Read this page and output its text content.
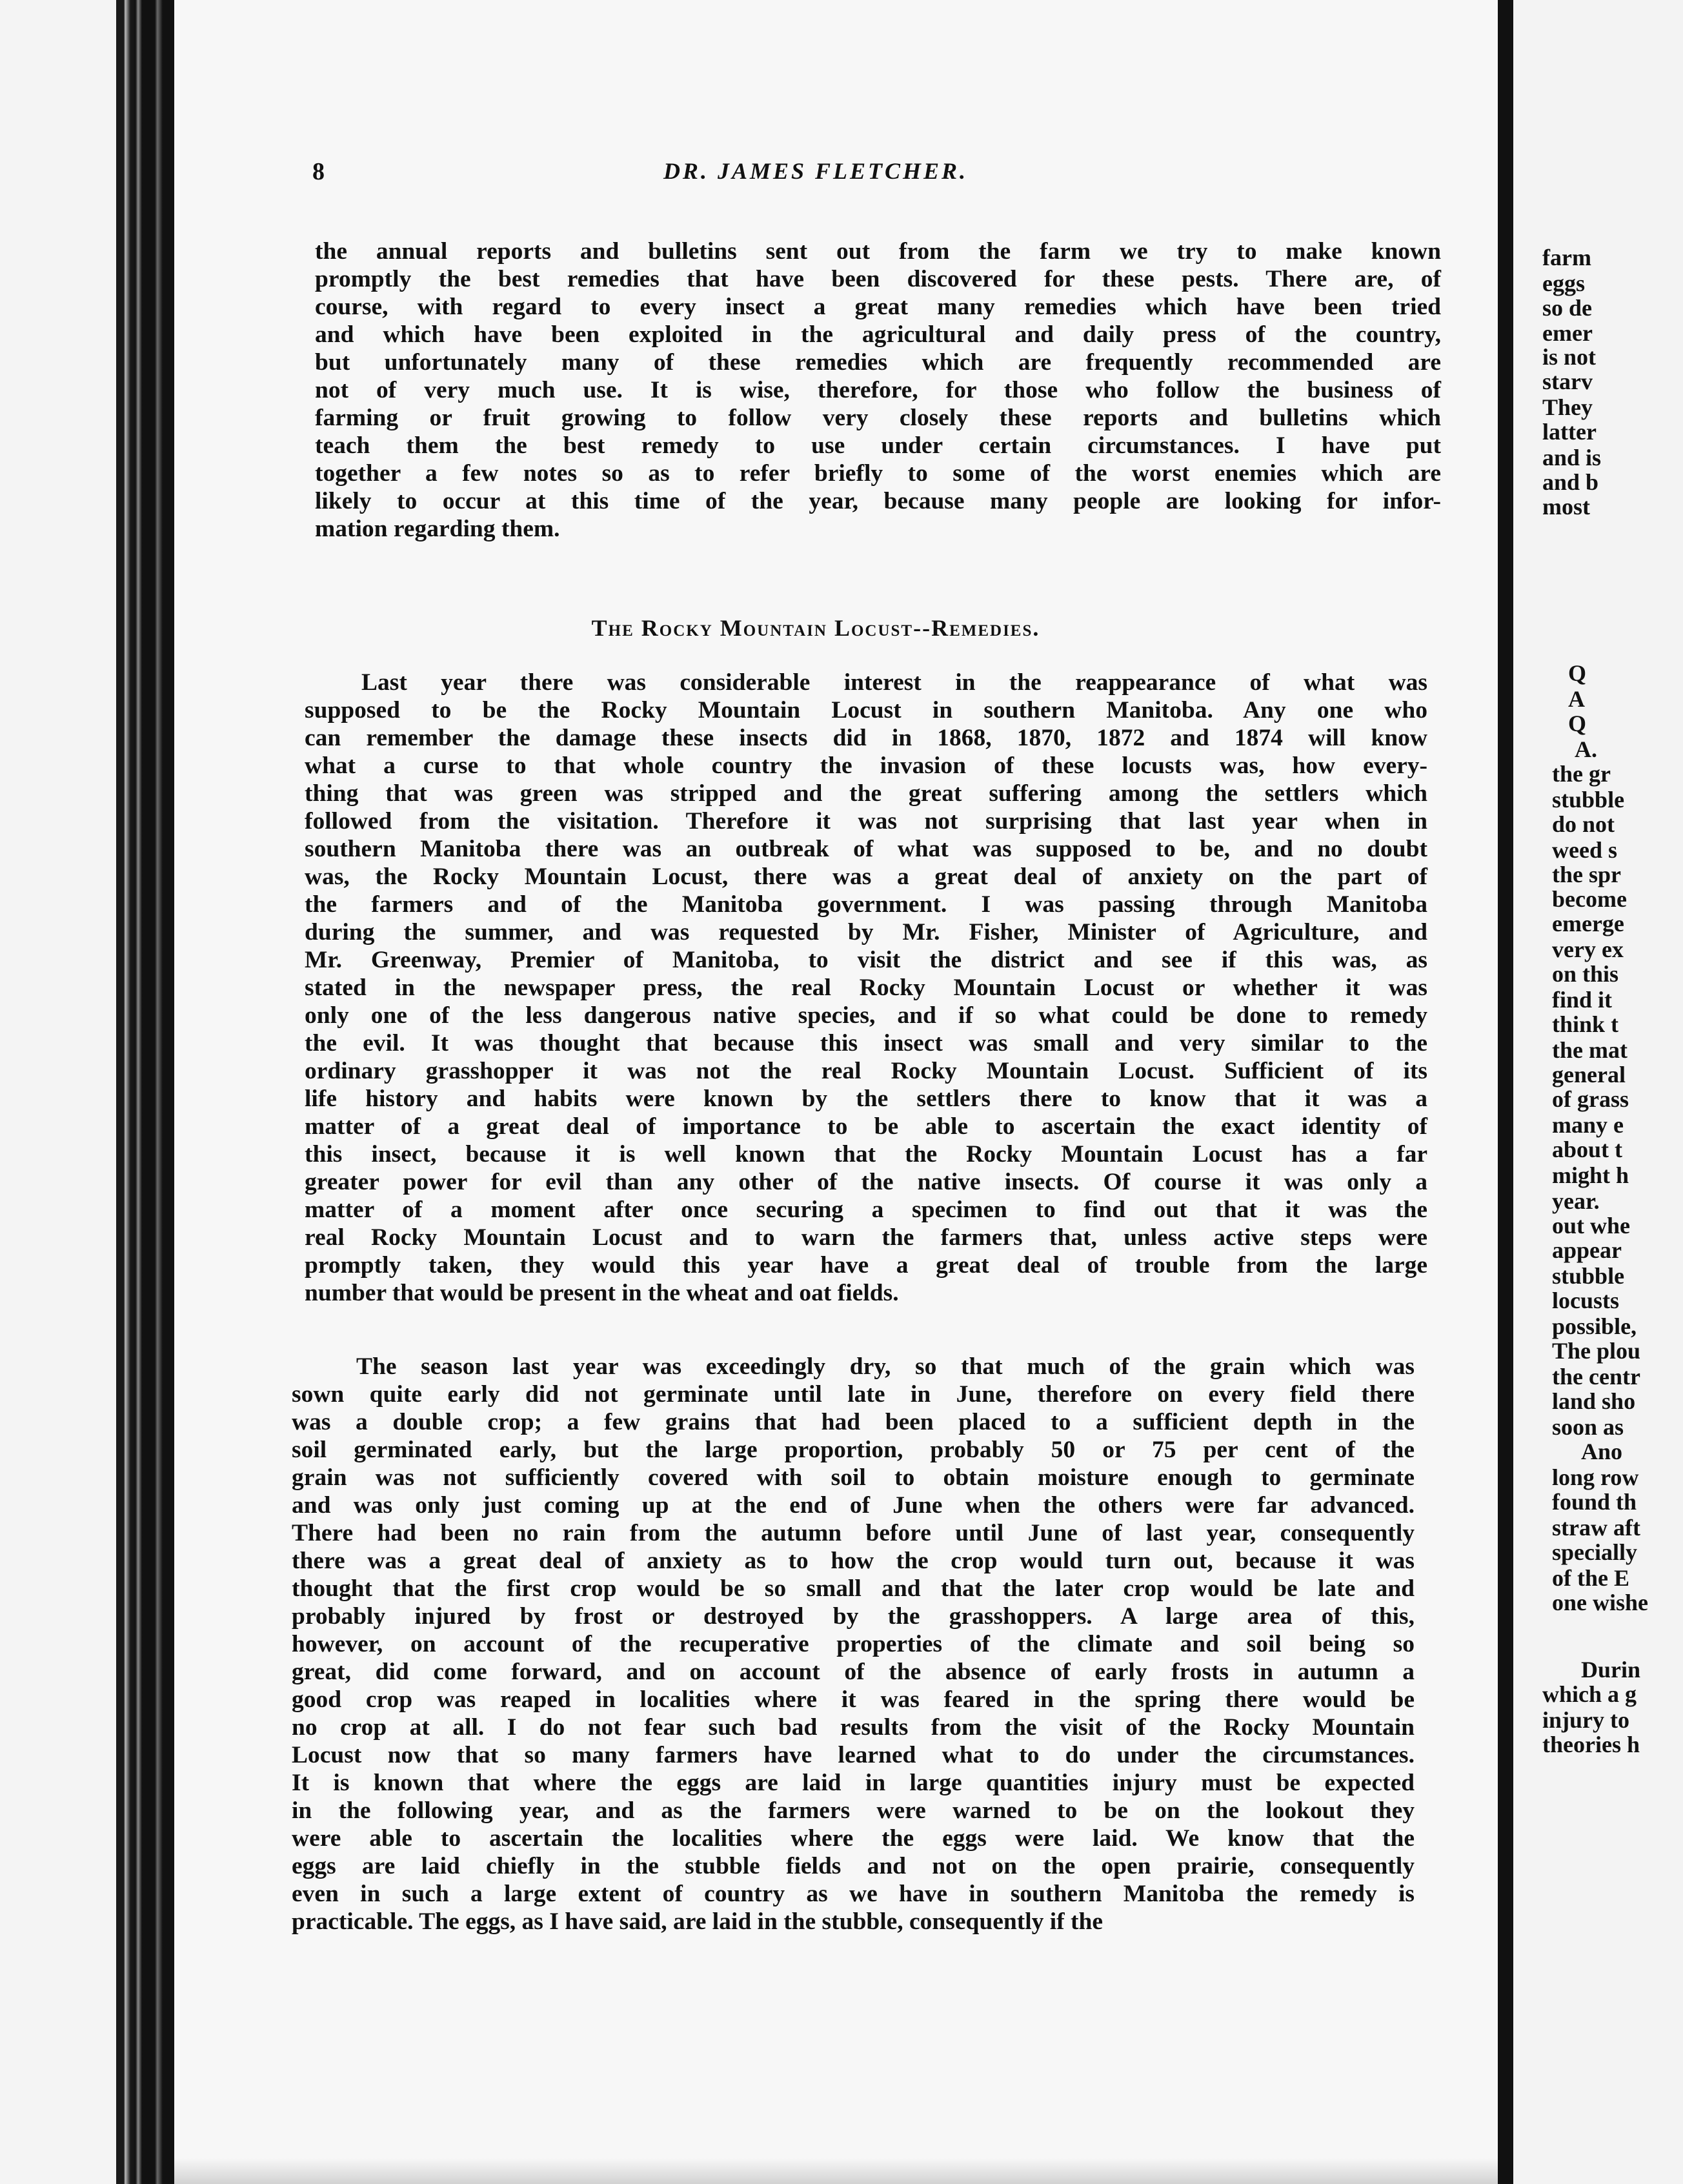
8	DR. JAMES FLETCHER.
the annual reports and bulletins sent out from the farm we try to make known
promptly the best remedies that have been discovered for these pests. There are, of
course, with regard to every insect a great many remedies which have been tried
and which have been exploited in the agricultural and daily press of the country,
but unfortunately many of these remedies which are frequently recommended are
not of very much use. It is wise, therefore, for those who follow the business of
farming or fruit growing to follow very closely these reports and bulletins which
teach them the best remedy to use under certain circumstances. I have put
together a few notes so as to refer briefly to some of the worst enemies which are
likely to occur at this time of the year, because many people are looking for infor-
mation regarding them.
The Rocky Mountain Locust--Remedies.
Last year there was considerable interest in the reappearance of what was
supposed to be the Rocky Mountain Locust in southern Manitoba. Any one who
can remember the damage these insects did in 1868, 1870, 1872 and 1874 will know
what a curse to that whole country the invasion of these locusts was, how every-
thing that was green was stripped and the great suffering among the settlers which
followed from the visitation. Therefore it was not surprising that last year when in
southern Manitoba there was an outbreak of what was supposed to be, and no doubt
was, the Rocky Mountain Locust, there was a great deal of anxiety on the part of
the farmers and of the Manitoba government. I was passing through Manitoba
during the summer, and was requested by Mr. Fisher, Minister of Agriculture, and
Mr. Greenway, Premier of Manitoba, to visit the district and see if this was, as
stated in the newspaper press, the real Rocky Mountain Locust or whether it was
only one of the less dangerous native species, and if so what could be done to remedy
the evil. It was thought that because this insect was small and very similar to the
ordinary grasshopper it was not the real Rocky Mountain Locust. Sufficient of its
life history and habits were known by the settlers there to know that it was a
matter of a great deal of importance to be able to ascertain the exact identity of
this insect, because it is well known that the Rocky Mountain Locust has a far
greater power for evil than any other of the native insects. Of course it was only a
matter of a moment after once securing a specimen to find out that it was the
real Rocky Mountain Locust and to warn the farmers that, unless active steps were
promptly taken, they would this year have a great deal of trouble from the large
number that would be present in the wheat and oat fields.
The season last year was exceedingly dry, so that much of the grain which was
sown quite early did not germinate until late in June, therefore on every field there
was a double crop; a few grains that had been placed to a sufficient depth in the
soil germinated early, but the large proportion, probably 50 or 75 per cent of the
grain was not sufficiently covered with soil to obtain moisture enough to germinate
and was only just coming up at the end of June when the others were far advanced.
There had been no rain from the autumn before until June of last year, consequently
there was a great deal of anxiety as to how the crop would turn out, because it was
thought that the first crop would be so small and that the later crop would be late and
probably injured by frost or destroyed by the grasshoppers. A large area of this,
however, on account of the recuperative properties of the climate and soil being so
great, did come forward, and on account of the absence of early frosts in autumn a
good crop was reaped in localities where it was feared in the spring there would be
no crop at all. I do not fear such bad results from the visit of the Rocky Mountain
Locust now that so many farmers have learned what to do under the circumstances.
It is known that where the eggs are laid in large quantities injury must be expected
in the following year, and as the farmers were warned to be on the lookout they
were able to ascertain the localities where the eggs were laid. We know that the
eggs are laid chiefly in the stubble fields and not on the open prairie, consequently
even in such a large extent of country as we have in southern Manitoba the remedy is
practicable. The eggs, as I have said, are laid in the stubble, consequently if the
farm
eggs
so de
emer
is not
starv
They
latter
and is
and b
most
Q
A
Q
A.
the gr
stubble
do not
weed s
the spr
become
emerge
very ex
on this
find it
think t
the mat
general
of grass
many e
about t
might h
year.
out whe
appear
stubble
locusts
possible,
The plou
the centr
land sho
soon as
Ano
long row
found th
straw aft
specially
of the E
one wishe
Durin
which a g
injury to
theories h
